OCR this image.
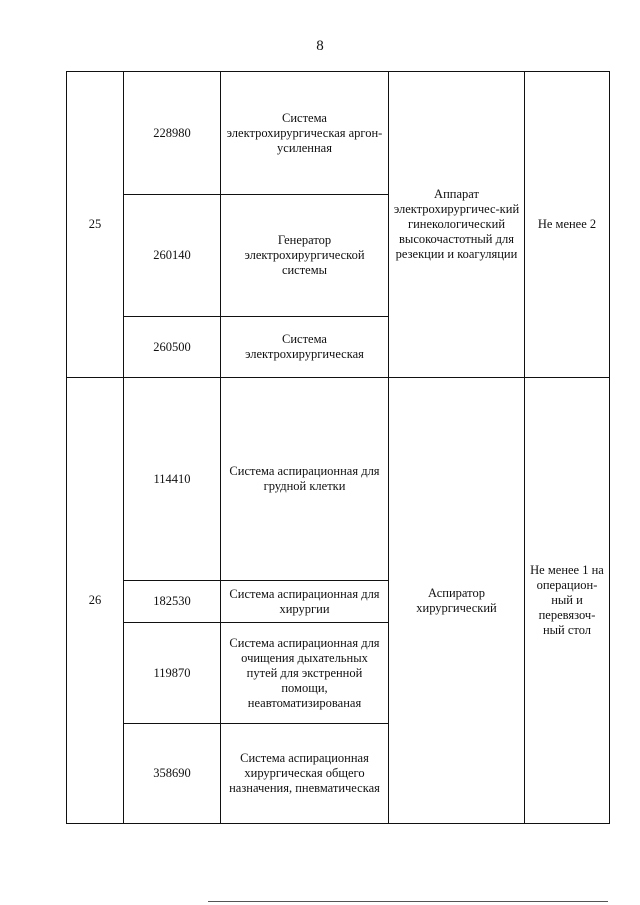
8
25	228980	Система электрохирургическая аргон-усиленная	Аппарат электрохирургичес-кий гинекологический высокочастотный для резекции и коагуляции	Не менее 2
	260140	Генератор электрохирургической системы		
	260500	Система электрохирургическая		
26	114410	Система аспирационная для грудной клетки	Аспиратор хирургический	Не менее 1 на операцион-ный и перевязоч-ный стол
	182530	Система аспирационная для хирургии		
	119870	Система аспирационная для очищения дыхательных путей для экстренной помощи, неавтоматизированая		
	358690	Система аспирационная хирургическая общего назначения, пневматическая		
